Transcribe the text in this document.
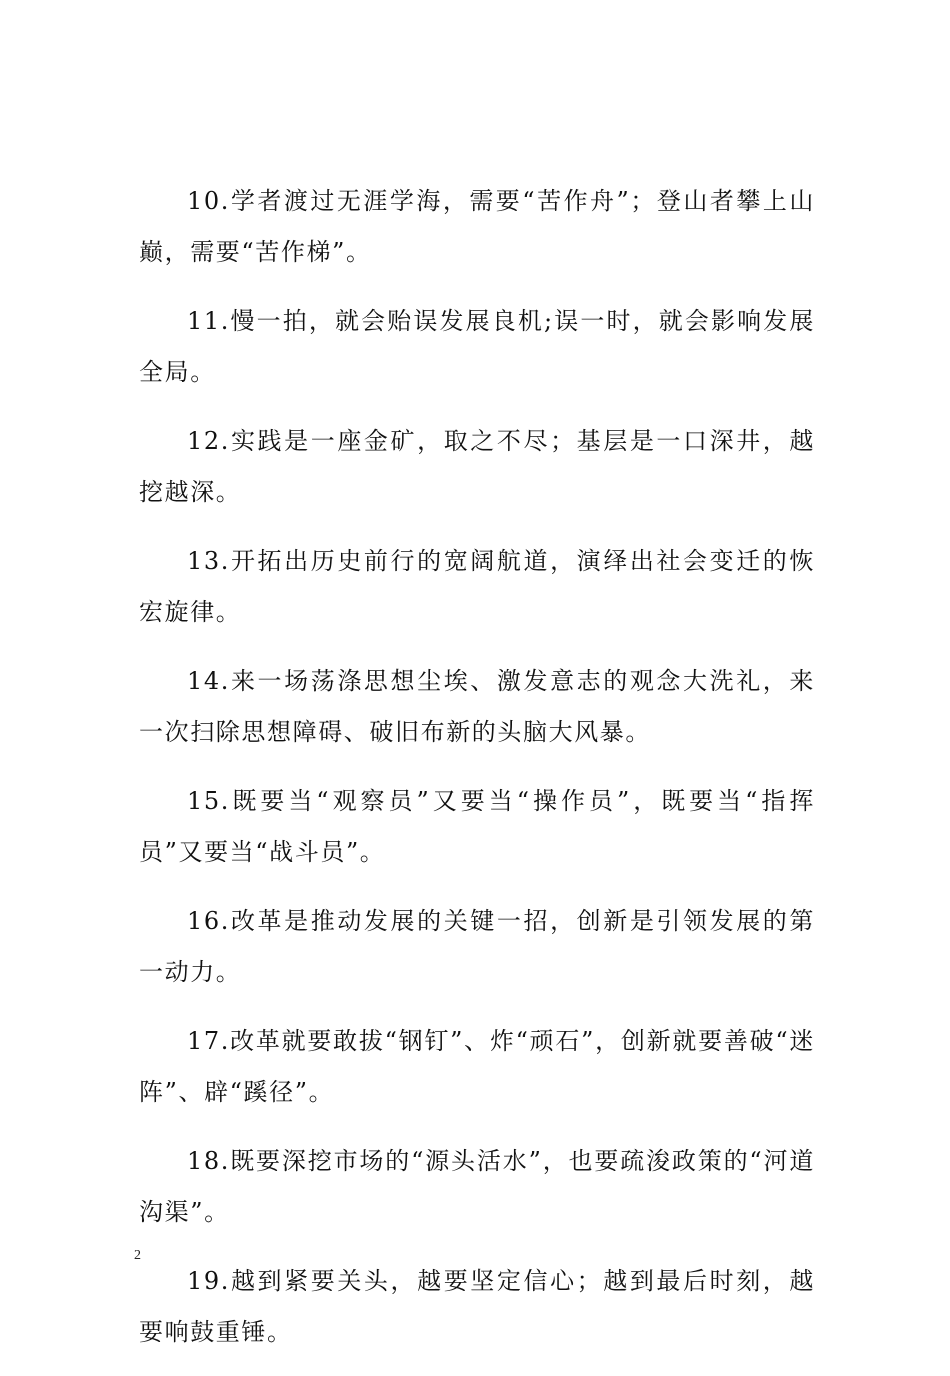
10.学者渡过无涯学海，需要“苦作舟”；登山者攀上山巅，需要“苦作梯”。

11.慢一拍，就会贻误发展良机;误一时，就会影响发展全局。

12.实践是一座金矿，取之不尽；基层是一口深井，越挖越深。

13.开拓出历史前行的宽阔航道，演绎出社会变迁的恢宏旋律。

14.来一场荡涤思想尘埃、激发意志的观念大洗礼，来一次扫除思想障碍、破旧布新的头脑大风暴。

15.既要当“观察员”又要当“操作员”，既要当“指挥员”又要当“战斗员”。

16.改革是推动发展的关键一招，创新是引领发展的第一动力。

17.改革就要敢拔“钢钉”、炸“顽石”，创新就要善破“迷阵”、辟“蹊径”。

18.既要深挖市场的“源头活水”，也要疏浚政策的“河道沟渠”。

19.越到紧要关头，越要坚定信心；越到最后时刻，越要响鼓重锤。

2
